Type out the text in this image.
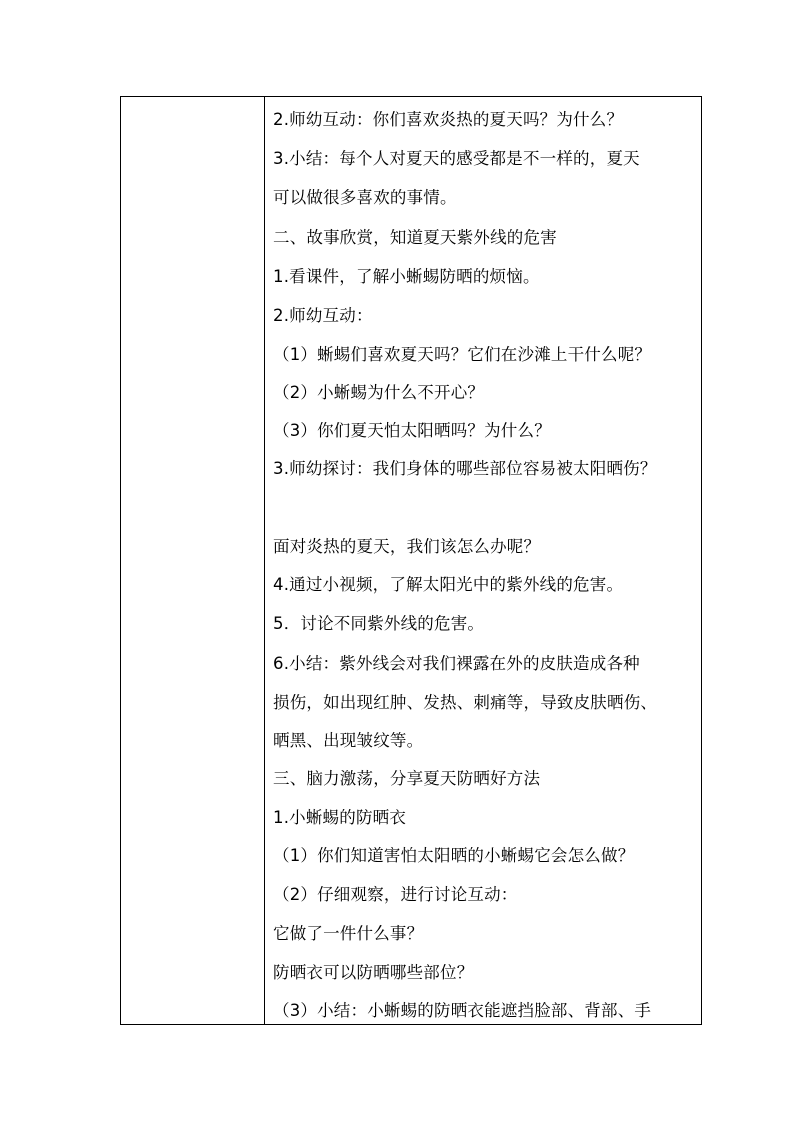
2.师幼互动：你们喜欢炎热的夏天吗？为什么？
3.小结：每个人对夏天的感受都是不一样的，夏天
可以做很多喜欢的事情。
二、故事欣赏，知道夏天紫外线的危害
1.看课件，了解小蜥蜴防晒的烦恼。
2.师幼互动：
（1）蜥蜴们喜欢夏天吗？它们在沙滩上干什么呢？
（2）小蜥蜴为什么不开心？
（3）你们夏天怕太阳晒吗？为什么？
3.师幼探讨：我们身体的哪些部位容易被太阳晒伤？
面对炎热的夏天，我们该怎么办呢？
4.通过小视频，了解太阳光中的紫外线的危害。
5．讨论不同紫外线的危害。
6.小结：紫外线会对我们裸露在外的皮肤造成各种
损伤，如出现红肿、发热、刺痛等，导致皮肤晒伤、
晒黑、出现皱纹等。
三、脑力激荡，分享夏天防晒好方法
1.小蜥蜴的防晒衣
（1）你们知道害怕太阳晒的小蜥蜴它会怎么做？
（2）仔细观察，进行讨论互动：
它做了一件什么事？
防晒衣可以防晒哪些部位？
（3）小结：小蜥蜴的防晒衣能遮挡脸部、背部、手
